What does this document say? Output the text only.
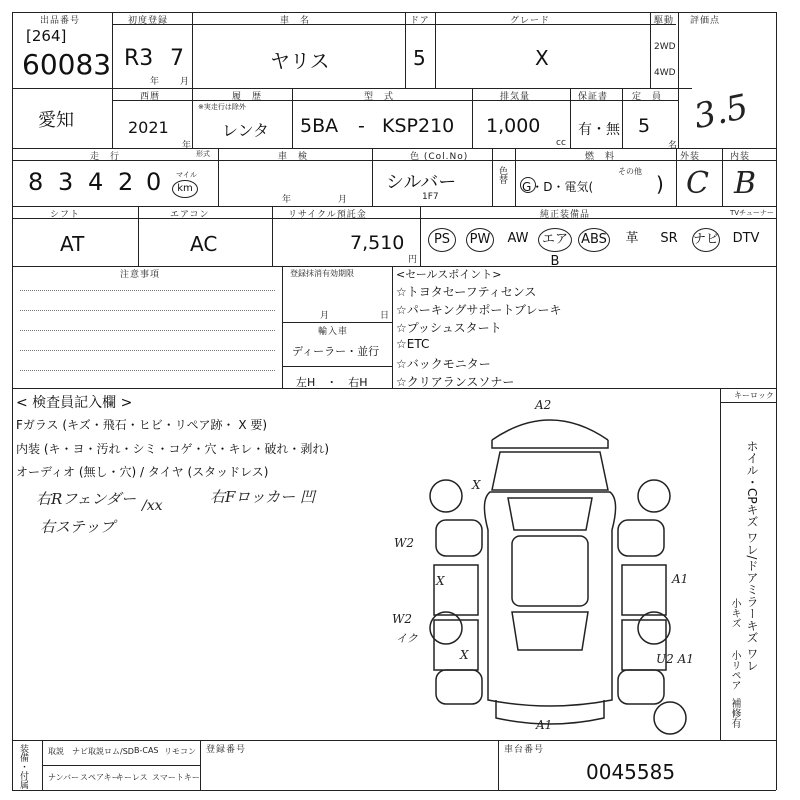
出品番号
[264]
60083
初度登録
R3 7
年 月
車　名
ヤリス
ドア
5
グレード
X
駆動
2WD
4WD
評価点
3.5
愛知
西暦
2021
年
履　歴
※実走行は除外
レンタ
型　式
5BA - KSP210
排気量
1,000
cc
保証書
有・無
定　員
5
名
走　行
8 3 4 2 0 マイル
km
形式	車　検
年	月
色 (Col.No)
シルバー
1F7
色替
燃　料
その他
G・D・電気(	)
外装
C
内装
B
シフト
AT
エアコン
AC
リサイクル預託金
7,510
円
純正装備品	TVチューナー
PS	PW AW	エアB
ABS	革	SR	ナビ	DTV
注意事項	登録抹消有効期限
月	日
輸入車
ディーラー・並行
左H　・　右H
<セールスポイント>
☆トヨタセーフティセンス
☆パーキングサポートブレーキ
☆プッシュスタート
☆ETC
☆バックモニター
☆クリアランスソナー
< 検査員記入欄 >
Fガラス (キズ・飛石・ヒビ・リペア跡・ X 要)
内装 (キ・ヨ・汚れ・シミ・コゲ・穴・キレ・破れ・剥れ)
オーディオ (無し・穴) / タイヤ (スタッドレス)
右Rフェンダー /xx	右Fロッカー 凹
右ステップ
キーロック
A2
W2
W2
イク
A1
U2 A1
A1
X
X
X	ホイル・CPキズ ワレ/ドアミラーキズ ワレ
小キズ
小リペア
補修有
装備・付属	取説 ナビ取説 ロム/SD B-CAS リモコン
ナンバー スペアキー
キーレス スマートキー
登録番号	車台番号
0045585
